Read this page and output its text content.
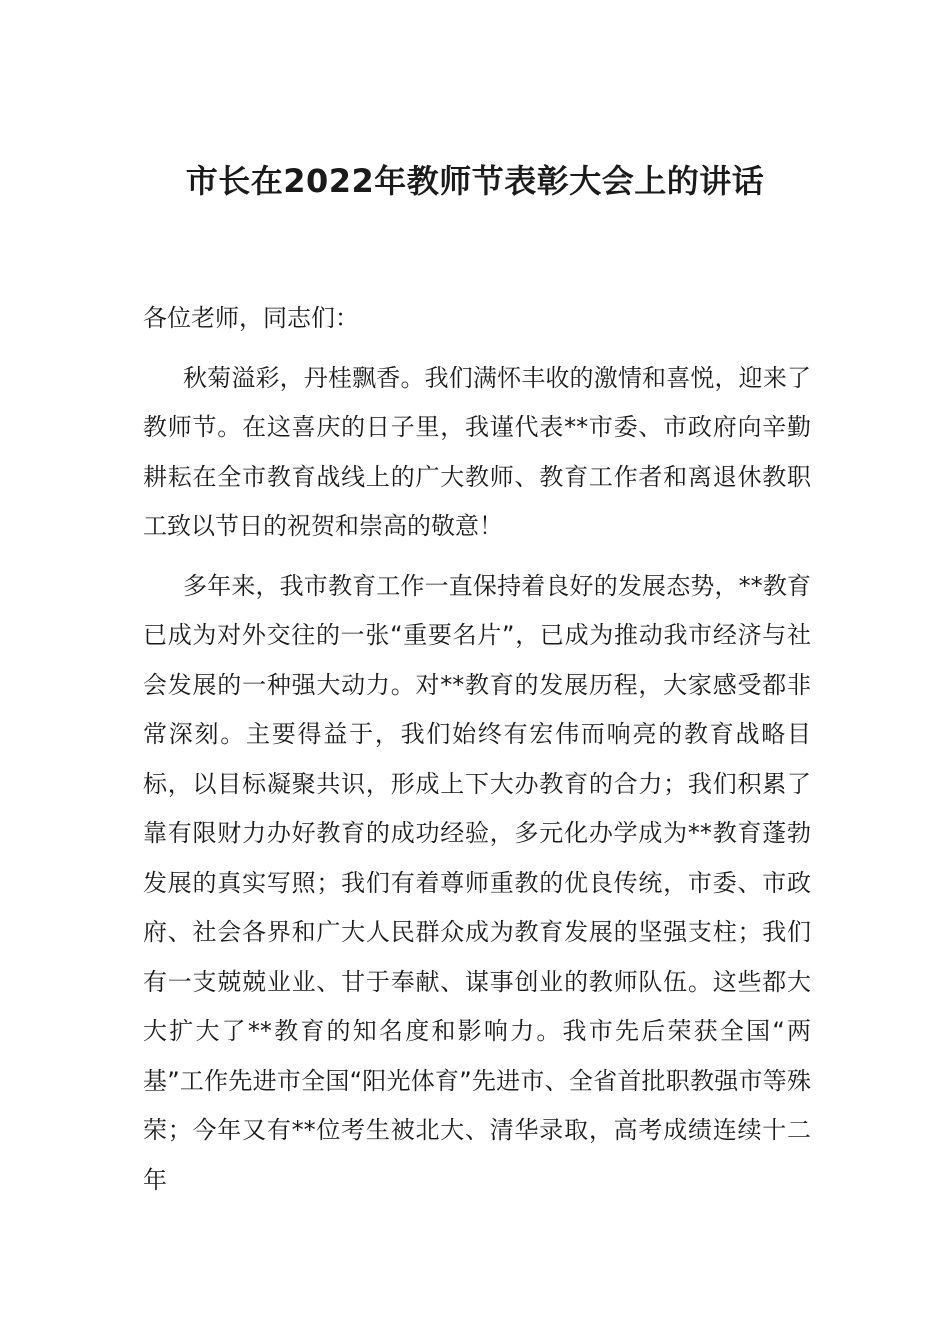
市长在2022年教师节表彰大会上的讲话

各位老师，同志们：

秋菊溢彩，丹桂飘香。我们满怀丰收的激情和喜悦，迎来了教师节。在这喜庆的日子里，我谨代表**市委、市政府向辛勤耕耘在全市教育战线上的广大教师、教育工作者和离退休教职工致以节日的祝贺和崇高的敬意！

多年来，我市教育工作一直保持着良好的发展态势，**教育已成为对外交往的一张“重要名片”，已成为推动我市经济与社会发展的一种强大动力。对**教育的发展历程，大家感受都非常深刻。主要得益于，我们始终有宏伟而响亮的教育战略目标，以目标凝聚共识，形成上下大办教育的合力；我们积累了靠有限财力办好教育的成功经验，多元化办学成为**教育蓬勃发展的真实写照；我们有着尊师重教的优良传统，市委、市政府、社会各界和广大人民群众成为教育发展的坚强支柱；我们有一支兢兢业业、甘于奉献、谋事创业的教师队伍。这些都大大扩大了**教育的知名度和影响力。我市先后荣获全国“两基”工作先进市全国“阳光体育”先进市、全省首批职教强市等殊荣；今年又有**位考生被北大、清华录取，高考成绩连续十二年
